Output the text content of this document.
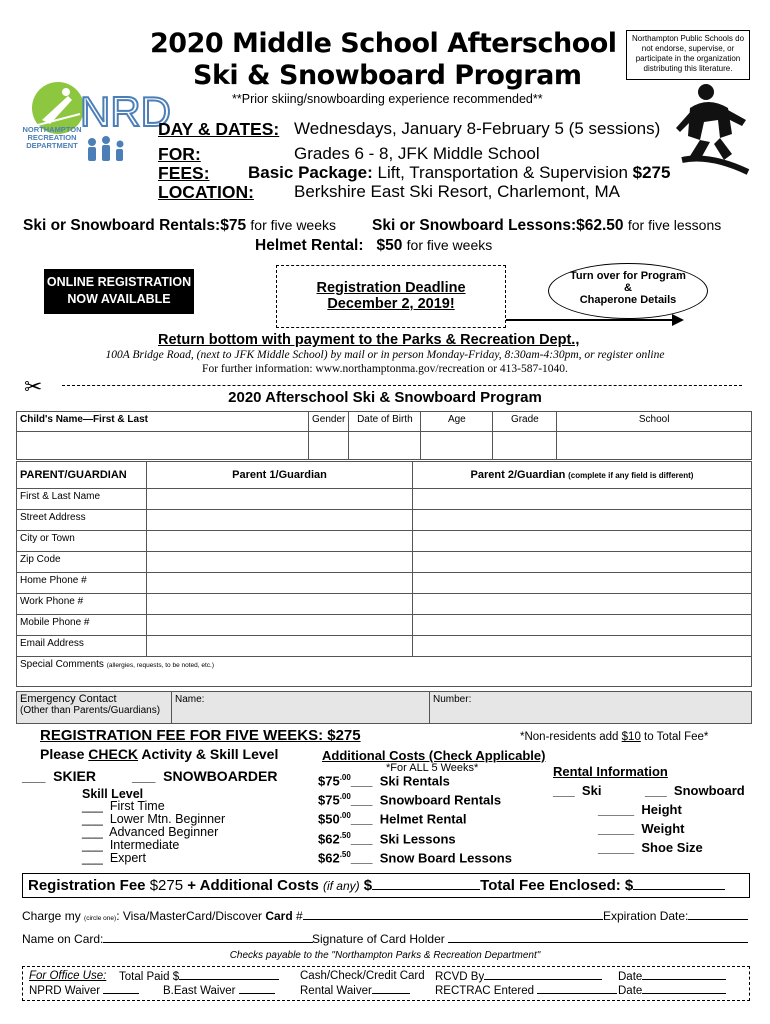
2020 Middle School Afterschool
Ski & Snowboard Program
Northampton Public Schools do not endorse, supervise, or participate in the organization distributing this literature.
**Prior skiing/snowboarding experience recommended**
NRD
NORTHAMPTON
RECREATION
DEPARTMENT
DAY & DATES: Wednesdays, January 8-February 5 (5 sessions)
FOR:	Grades 6 - 8, JFK Middle School
FEES: Basic Package: Lift, Transportation & Supervision $275
LOCATION: Berkshire East Ski Resort, Charlemont, MA
Ski or Snowboard Rentals:$75 for five weeks Ski or Snowboard Lessons:$62.50 for five lessons
Helmet Rental: $50 for five weeks
ONLINE REGISTRATION
NOW AVAILABLE
Registration Deadline
December 2, 2019!
Turn over for Program
&
Chaperone Details
Return bottom with payment to the Parks & Recreation Dept.,
100A Bridge Road, (next to JFK Middle School) by mail or in person Monday-Friday, 8:30am-4:30pm, or register online
For further information: www.northamptonma.gov/recreation or 413-587-1040.
✂	2020 Afterschool Ski & Snowboard Program
Child's Name—First & Last	Gender	Date of Birth	Age	Grade	School

PARENT/GUARDIAN	Parent 1/Guardian	Parent 2/Guardian (complete if any field is different)
First & Last Name		
Street Address		
City or Town		
Zip Code		
Home Phone #		
Work Phone #		
Mobile Phone #		
Email Address		
Special Comments (allergies, requests, to be noted, etc.)		
Emergency Contact
(Other than Parents/Guardians)
	Name:	Number:
REGISTRATION FEE FOR FIVE WEEKS: $275	*Non-residents add $10 to Total Fee*
Please CHECK Activity & Skill Level
___  SKIER	___  SNOWBOARDER
Skill Level
___  First Time
___  Lower Mtn. Beginner
___  Advanced Beginner
___  Intermediate
___  Expert
Additional Costs (Check Applicable)
*For ALL 5 Weeks*
$\$75^{.00}\_\_\_$  Ski Rentals
$\$75^{.00}\_\_\_$  Snowboard Rentals
$\$50^{.00}\_\_\_$  Helmet Rental
$\$62^{.50}\_\_\_$  Ski Lessons
$\$62^{.50}\_\_\_$  Snow Board Lessons
Rental Information
___  Ski	___  Snowboard
_____  Height
_____  Weight
_____  Shoe Size
Registration Fee $275 + Additional Costs (if any) $	Total Fee Enclosed: $
Charge my (circle one): Visa/MasterCard/Discover Card #	Expiration Date:
Name on Card:	Signature of Card Holder
Checks payable to the "Northampton Parks & Recreation Department"
For Office Use: Total Paid $	Cash/Check/Credit Card RCVD By	Date
NPRD Waiver	B.East Waiver	Rental Waiver	RECTRAC Entered	Date
